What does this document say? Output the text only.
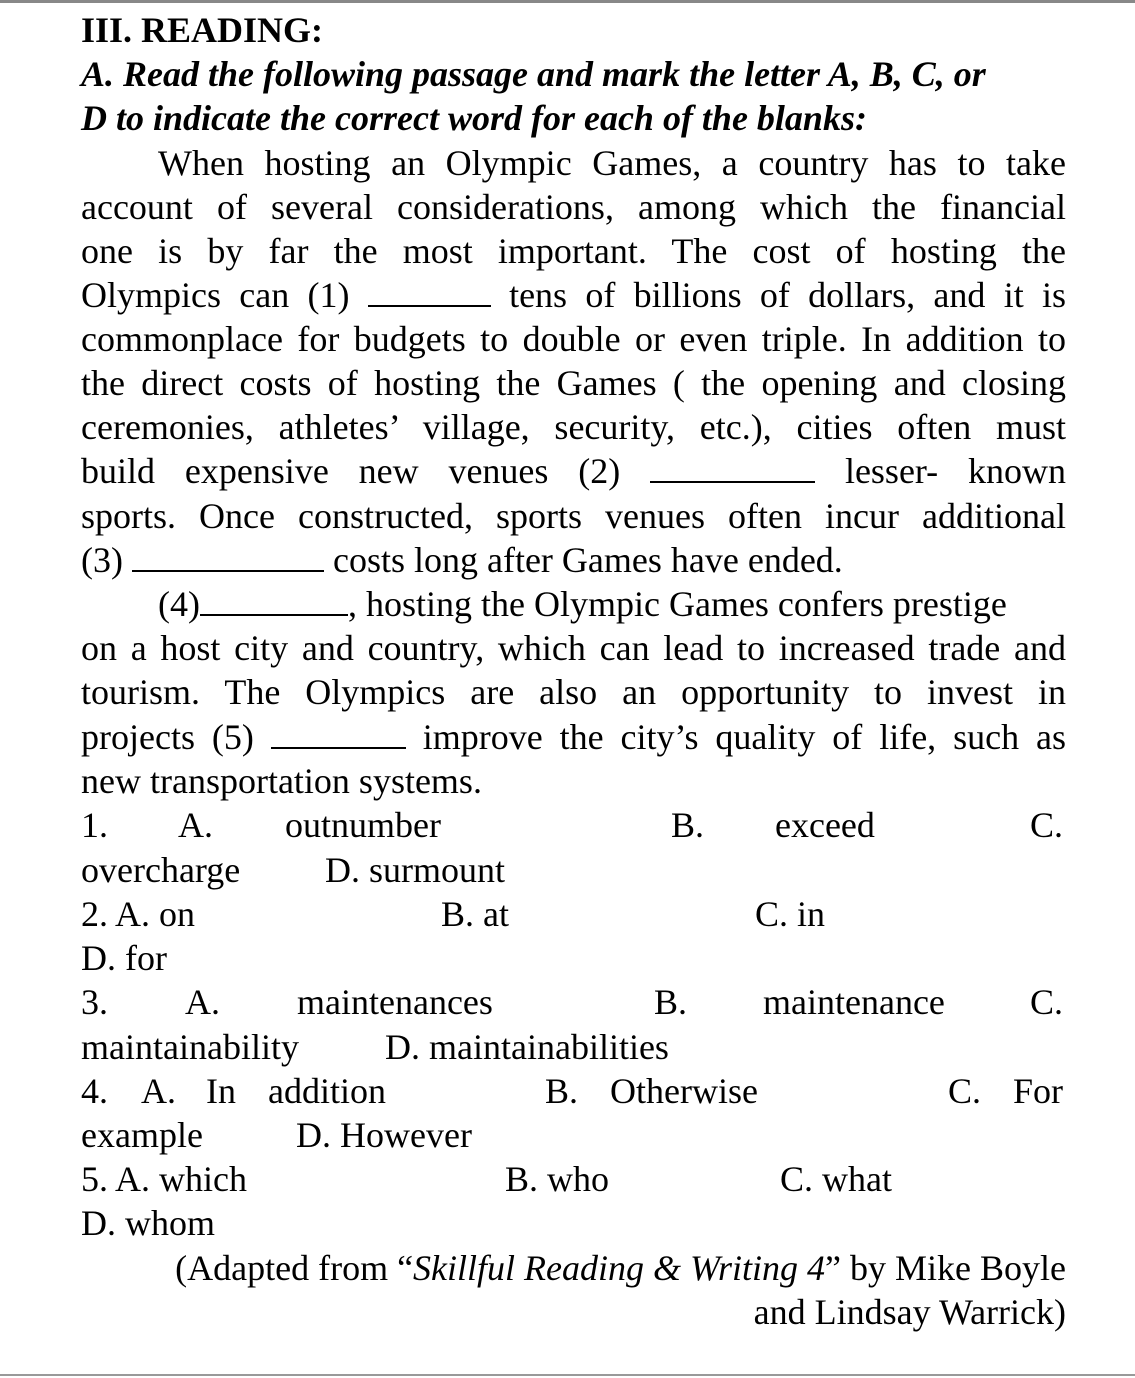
III. READING:
A. Read the following passage and mark the letter A, B, C, or
D to indicate the correct word for each of the blanks:
When hosting an Olympic Games, a country has to take
account of several considerations, among which the financial
one is by far the most important. The cost of hosting the
Olympics can (1)	tens of billions of dollars, and it is
commonplace for budgets to double or even triple. In addition to
the direct costs of hosting the Games ( the opening and closing
ceremonies, athletes’ village, security, etc.), cities often must
build expensive new venues (2)	lesser- known
sports. Once constructed, sports venues often incur additional
(3)	costs long after Games have ended.
(4)	, hosting the Olympic Games confers prestige
on a host city and country, which can lead to increased trade and
tourism. The Olympics are also an opportunity to invest in
projects (5)	improve the city’s quality of life, such as
new transportation systems.
1. A. outnumber	B. exceed	C.
overcharge D. surmount
2. A. on	B. at	C. in
D. for
3. A. maintenances	B. maintenance C.
maintainability D. maintainabilities
4. A. In addition	B. Otherwise	C. For
example	D. However
5. A. which	B. who	C. what
D. whom
(Adapted from “Skillful Reading & Writing 4” by Mike Boyle
and Lindsay Warrick)
